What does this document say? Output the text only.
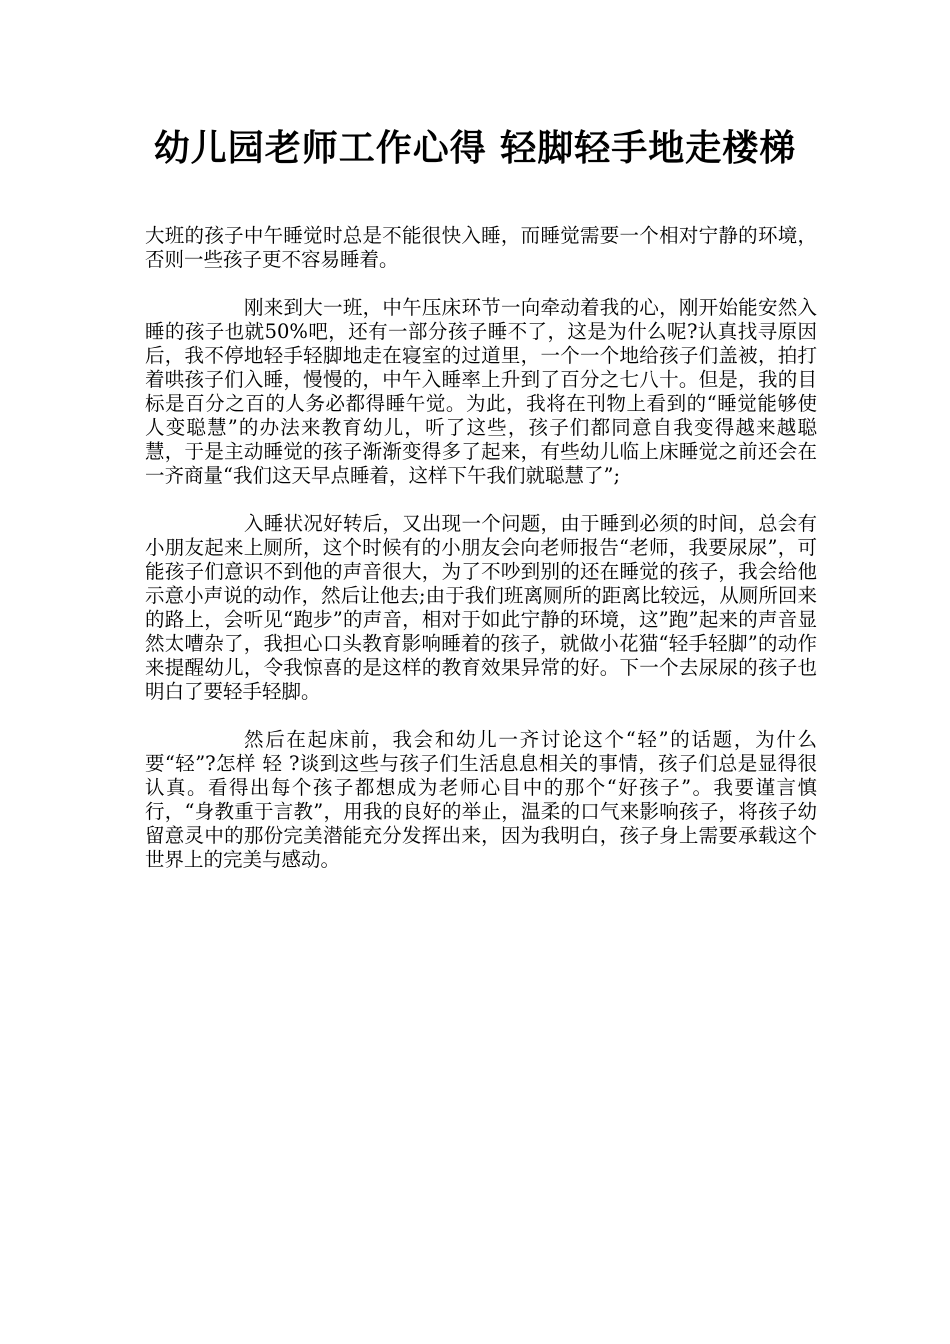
幼儿园老师工作心得 轻脚轻手地走楼梯

大班的孩子中午睡觉时总是不能很快入睡，而睡觉需要一个相对宁静的环境，否则一些孩子更不容易睡着。

刚来到大一班，中午压床环节一向牵动着我的心，刚开始能安然入睡的孩子也就50%吧，还有一部分孩子睡不了，这是为什么呢?认真找寻原因后，我不停地轻手轻脚地走在寝室的过道里，一个一个地给孩子们盖被，拍打着哄孩子们入睡，慢慢的，中午入睡率上升到了百分之七八十。但是，我的目标是百分之百的人务必都得睡午觉。为此，我将在刊物上看到的“睡觉能够使人变聪慧”的办法来教育幼儿，听了这些，孩子们都同意自我变得越来越聪慧，于是主动睡觉的孩子渐渐变得多了起来，有些幼儿临上床睡觉之前还会在一齐商量“我们这天早点睡着，这样下午我们就聪慧了”;

入睡状况好转后，又出现一个问题，由于睡到必须的时间，总会有小朋友起来上厕所，这个时候有的小朋友会向老师报告“老师，我要尿尿”，可能孩子们意识不到他的声音很大，为了不吵到别的还在睡觉的孩子，我会给他示意小声说的动作，然后让他去;由于我们班离厕所的距离比较远，从厕所回来的路上，会听见“跑步”的声音，相对于如此宁静的环境，这”跑”起来的声音显然太嘈杂了，我担心口头教育影响睡着的孩子，就做小花猫“轻手轻脚”的动作来提醒幼儿，令我惊喜的是这样的教育效果异常的好。下一个去尿尿的孩子也明白了要轻手轻脚。

然后在起床前，我会和幼儿一齐讨论这个“轻”的话题，为什么要“轻”?怎样 轻 ?谈到这些与孩子们生活息息相关的事情，孩子们总是显得很认真。看得出每个孩子都想成为老师心目中的那个“好孩子”。我要谨言慎行，“身教重于言教”，用我的良好的举止，温柔的口气来影响孩子，将孩子幼留意灵中的那份完美潜能充分发挥出来，因为我明白，孩子身上需要承载这个世界上的完美与感动。
